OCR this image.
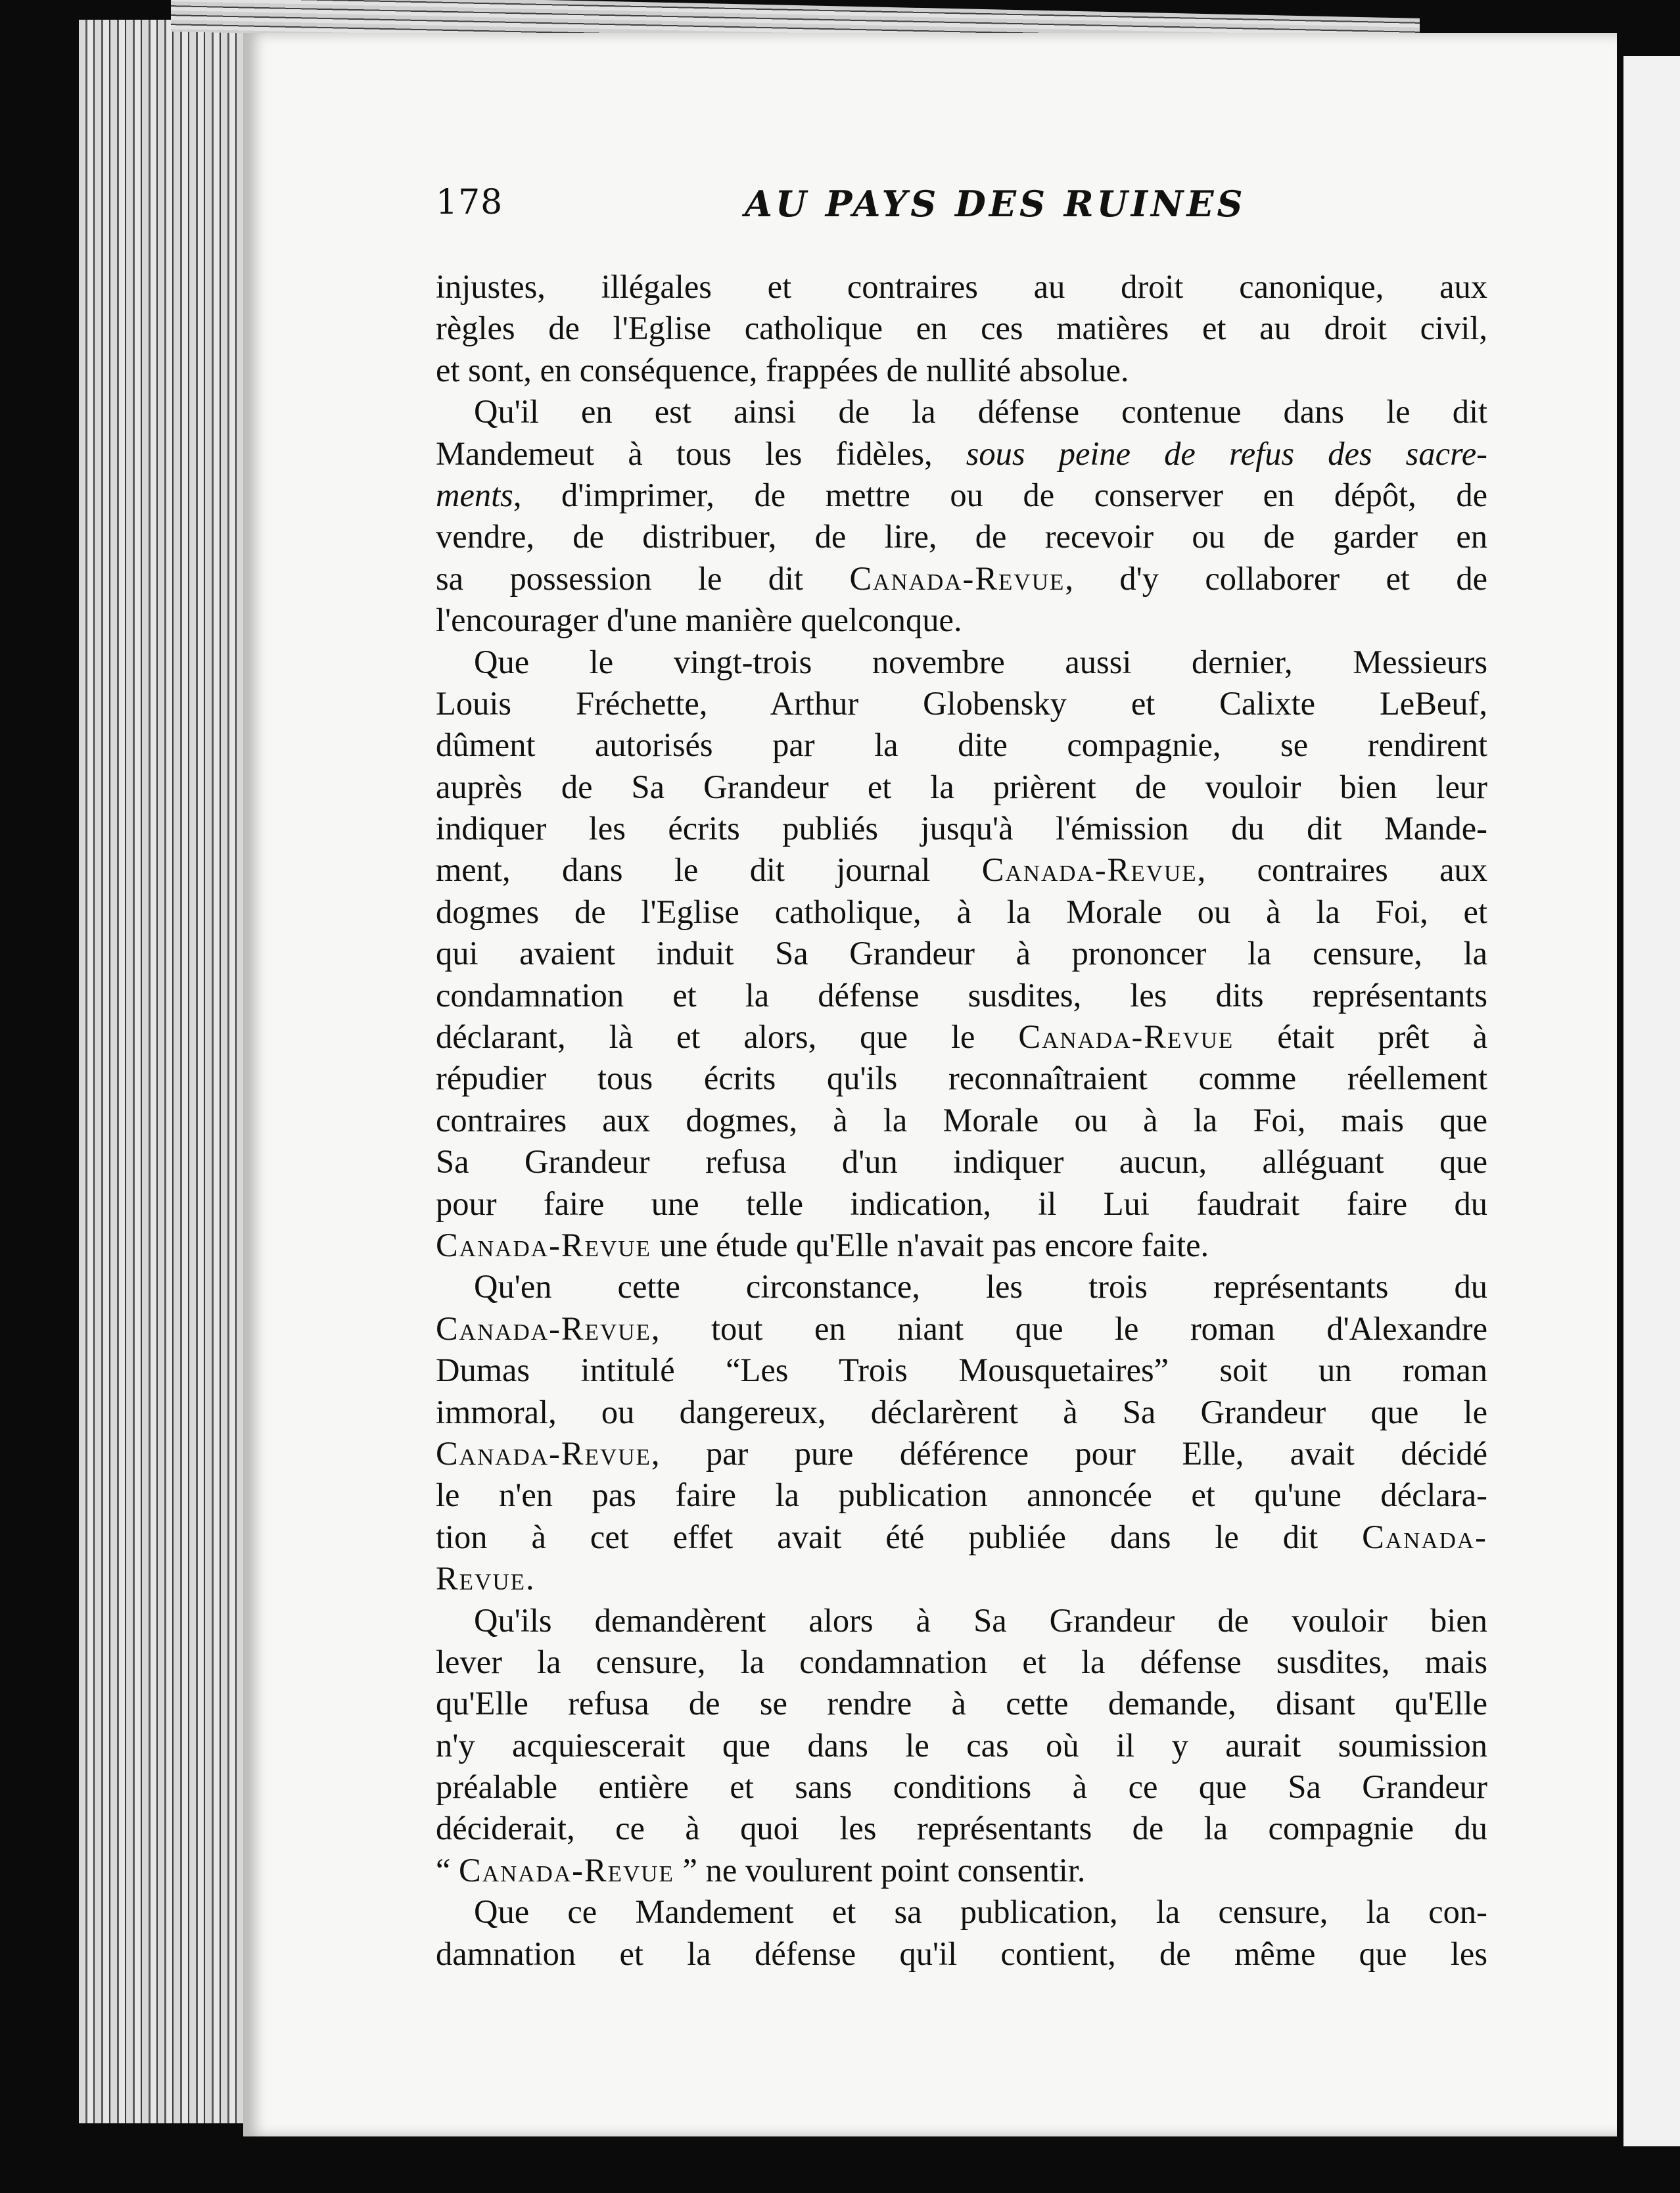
178	AU PAYS DES RUINES
injustes, illégales et contraires au droit canonique, aux
règles de l'Eglise catholique en ces matières et au droit civil,
et sont, en conséquence, frappées de nullité absolue.
Qu'il en est ainsi de la défense contenue dans le dit
Mandemeut à tous les fidèles, sous peine de refus des sacre-
ments, d'imprimer, de mettre ou de conserver en dépôt, de
vendre, de distribuer, de lire, de recevoir ou de garder en
sa possession le dit Canada-Revue, d'y collaborer et de
l'encourager d'une manière quelconque.
Que le vingt-trois novembre aussi dernier, Messieurs
Louis Fréchette, Arthur Globensky et Calixte LeBeuf,
dûment autorisés par la dite compagnie, se rendirent
auprès de Sa Grandeur et la prièrent de vouloir bien leur
indiquer les écrits publiés jusqu'à l'émission du dit Mande-
ment, dans le dit journal Canada-Revue, contraires aux
dogmes de l'Eglise catholique, à la Morale ou à la Foi, et
qui avaient induit Sa Grandeur à prononcer la censure, la
condamnation et la défense susdites, les dits représentants
déclarant, là et alors, que le Canada-Revue était prêt à
répudier tous écrits qu'ils reconnaîtraient comme réellement
contraires aux dogmes, à la Morale ou à la Foi, mais que
Sa Grandeur refusa d'un indiquer aucun, alléguant que
pour faire une telle indication, il Lui faudrait faire du
Canada-Revue une étude qu'Elle n'avait pas encore faite.
Qu'en cette circonstance, les trois représentants du
Canada-Revue, tout en niant que le roman d'Alexandre
Dumas intitulé “Les Trois Mousquetaires” soit un roman
immoral, ou dangereux, déclarèrent à Sa Grandeur que le
Canada-Revue, par pure déférence pour Elle, avait décidé
le n'en pas faire la publication annoncée et qu'une déclara-
tion à cet effet avait été publiée dans le dit Canada-
Revue.
Qu'ils demandèrent alors à Sa Grandeur de vouloir bien
lever la censure, la condamnation et la défense susdites, mais
qu'Elle refusa de se rendre à cette demande, disant qu'Elle
n'y acquiescerait que dans le cas où il y aurait soumission
préalable entière et sans conditions à ce que Sa Grandeur
déciderait, ce à quoi les représentants de la compagnie du
“ Canada-Revue ” ne voulurent point consentir.
Que ce Mandement et sa publication, la censure, la con-
damnation et la défense qu'il contient, de même que les
